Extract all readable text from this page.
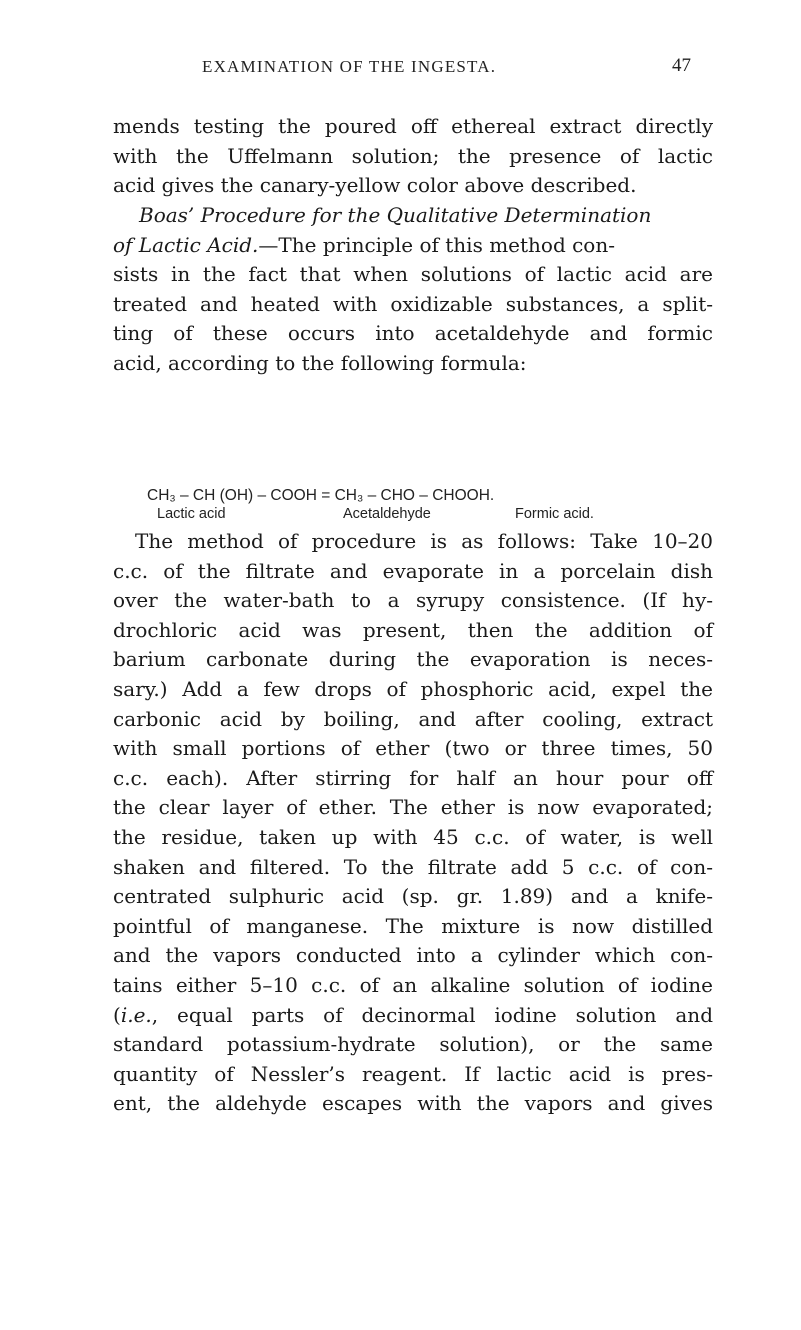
EXAMINATION OF THE INGESTA.	47
mends testing the poured off ethereal extract directly
with the Uffelmann solution; the presence of lactic
acid gives the canary-yellow color above described.
Boas’ Procedure for the Qualitative Determination
of Lactic Acid.—The principle of this method con-
sists in the fact that when solutions of lactic acid are
treated and heated with oxidizable substances, a split-
ting of these occurs into acetaldehyde and formic
acid, according to the following formula:
CH₃ – CH (OH) – COOH = CH₃ – CHO – CHOOH.
Lactic acid	Acetaldehyde	Formic acid.
The method of procedure is as follows: Take 10–20
c.c. of the filtrate and evaporate in a porcelain dish
over the water-bath to a syrupy consistence. (If hy-
drochloric acid was present, then the addition of
barium carbonate during the evaporation is neces-
sary.) Add a few drops of phosphoric acid, expel the
carbonic acid by boiling, and after cooling, extract
with small portions of ether (two or three times, 50
c.c. each). After stirring for half an hour pour off
the clear layer of ether. The ether is now evaporated;
the residue, taken up with 45 c.c. of water, is well
shaken and filtered. To the filtrate add 5 c.c. of con-
centrated sulphuric acid (sp. gr. 1.89) and a knife-
pointful of manganese. The mixture is now distilled
and the vapors conducted into a cylinder which con-
tains either 5–10 c.c. of an alkaline solution of iodine
(i.e., equal parts of decinormal iodine solution and
standard potassium-hydrate solution), or the same
quantity of Nessler’s reagent. If lactic acid is pres-
ent, the aldehyde escapes with the vapors and gives
